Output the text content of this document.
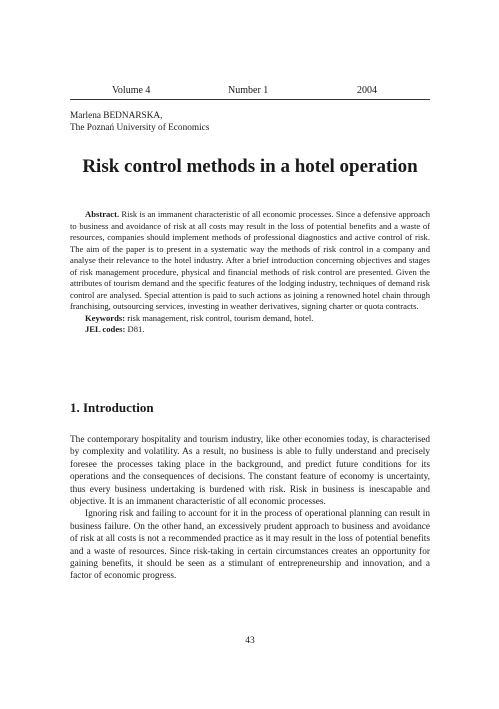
Volume 4	Number 1	2004
Marlena BEDNARSKA,
The Poznań University of Economics
Risk control methods in a hotel operation

Abstract. Risk is an immanent characteristic of all economic processes. Since a defensive approach to business and avoidance of risk at all costs may result in the loss of potential benefits and a waste of resources, companies should implement methods of professional diagnostics and active control of risk. The aim of the paper is to present in a systematic way the methods of risk control in a company and analyse their relevance to the hotel industry. After a brief introduction concerning objectives and stages of risk management procedure, physical and financial methods of risk control are presented. Given the attributes of tourism demand and the specific features of the lodging industry, techniques of demand risk control are analysed. Special attention is paid to such actions as joining a renowned hotel chain through franchising, outsourcing services, investing in weather derivatives, signing charter or quota contracts.

Keywords: risk management, risk control, tourism demand, hotel.

JEL codes: D81.

1. Introduction

The contemporary hospitality and tourism industry, like other economies today, is characterised by complexity and volatility. As a result, no business is able to fully understand and precisely foresee the processes taking place in the background, and predict future conditions for its operations and the consequences of decisions. The constant feature of economy is uncertainty, thus every business undertaking is burdened with risk. Risk in business is inescapable and objective. It is an immanent characteristic of all economic processes.

Ignoring risk and failing to account for it in the process of operational planning can result in business failure. On the other hand, an excessively prudent approach to business and avoidance of risk at all costs is not a recommended practice as it may result in the loss of potential benefits and a waste of resources. Since risk-taking in certain circumstances creates an opportunity for gaining benefits, it should be seen as a stimulant of entrepreneurship and innovation, and a factor of economic progress.

43
